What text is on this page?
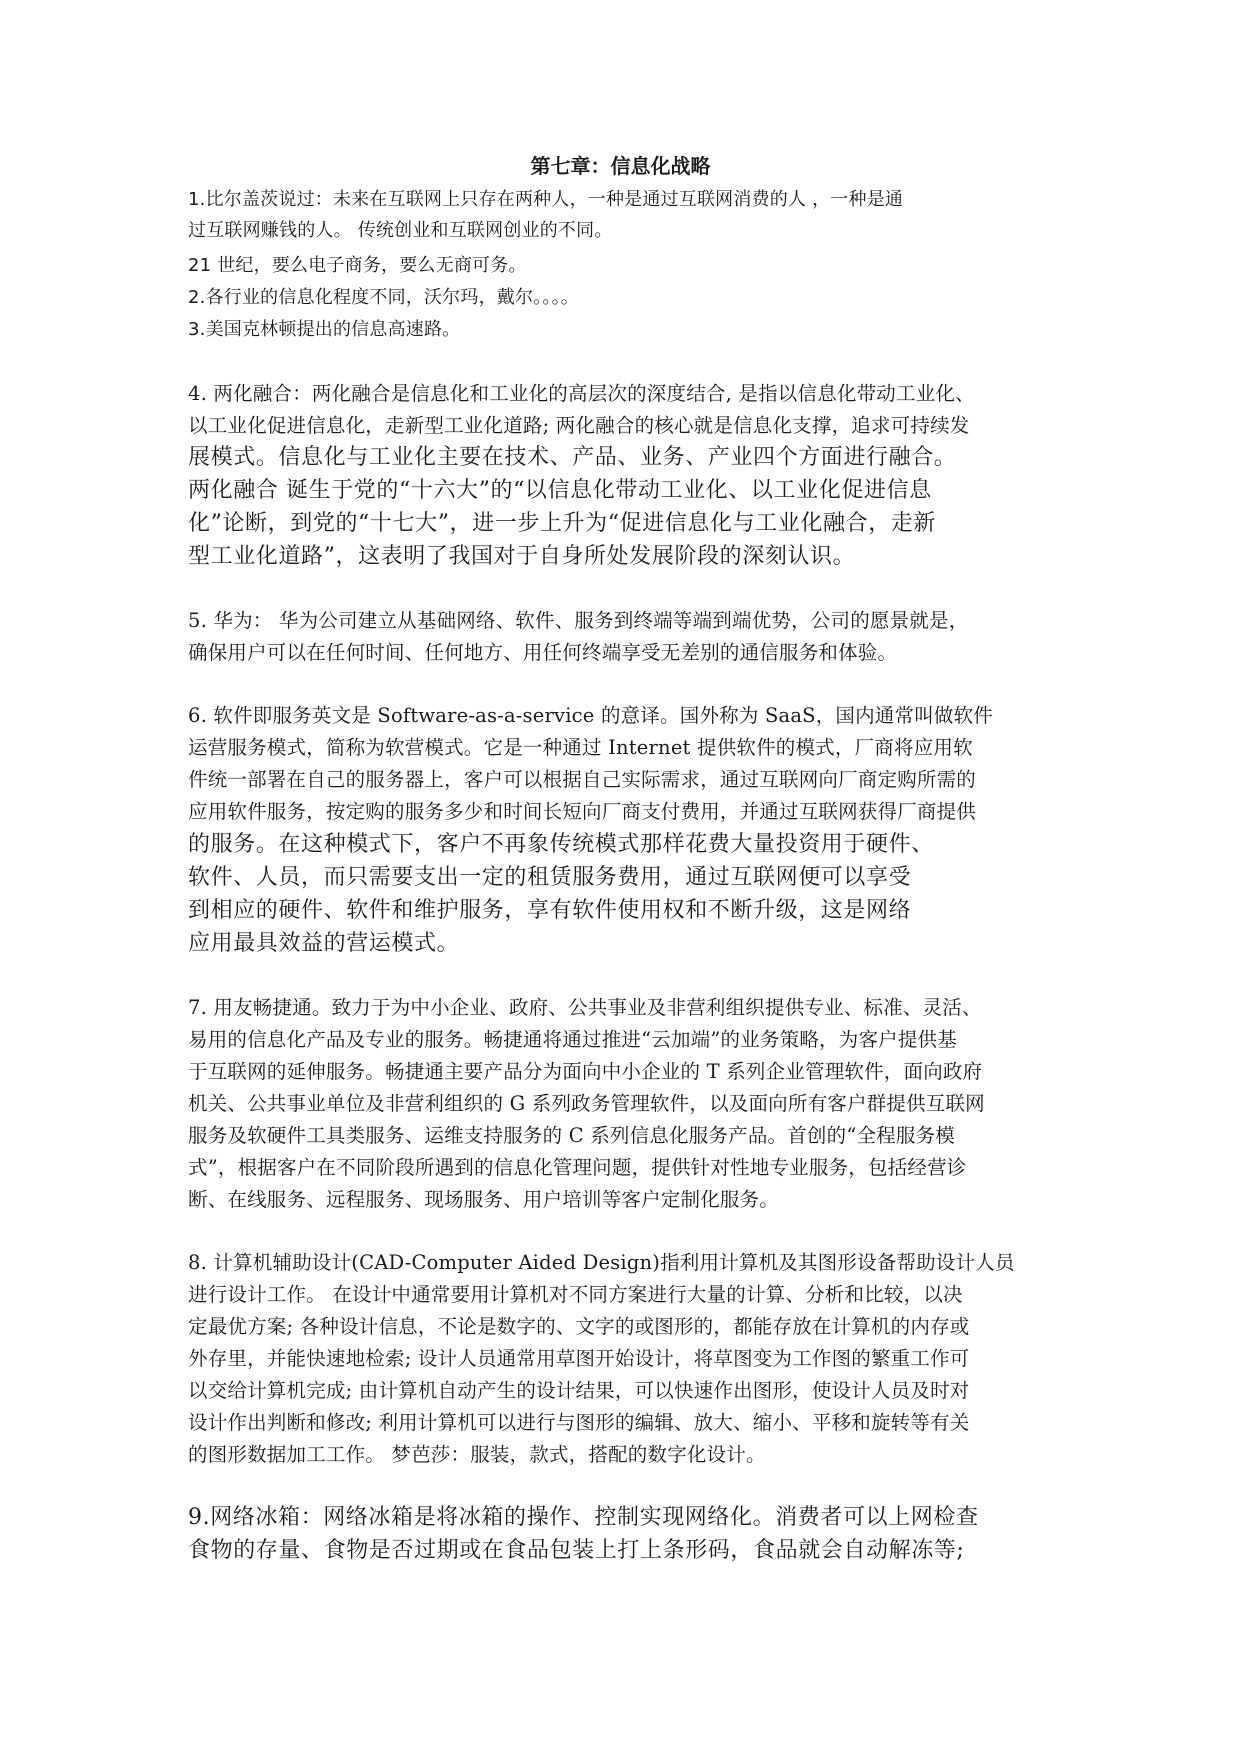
第七章：信息化战略
1.比尔盖茨说过：未来在互联网上只存在两种人，一种是通过互联网消费的人 ，一种是通
过互联网赚钱的人。 传统创业和互联网创业的不同。
21 世纪，要么电子商务，要么无商可务。
2.各行业的信息化程度不同，沃尔玛，戴尔。。。。
3.美国克林顿提出的信息高速路。
4. 两化融合：两化融合是信息化和工业化的高层次的深度结合, 是指以信息化带动工业化、
以工业化促进信息化，走新型工业化道路; 两化融合的核心就是信息化支撑，追求可持续发
展模式。信息化与工业化主要在技术、产品、业务、产业四个方面进行融合。
两化融合 诞生于党的“十六大”的“以信息化带动工业化、以工业化促进信息
化”论断，到党的“十七大”，进一步上升为“促进信息化与工业化融合，走新
型工业化道路”，这表明了我国对于自身所处发展阶段的深刻认识。
5. 华为： 华为公司建立从基础网络、软件、服务到终端等端到端优势，公司的愿景就是，
确保用户可以在任何时间、任何地方、用任何终端享受无差别的通信服务和体验。
6. 软件即服务英文是 Software-as-a-service 的意译。国外称为 SaaS，国内通常叫做软件
运营服务模式，简称为软营模式。它是一种通过 Internet 提供软件的模式，厂商将应用软
件统一部署在自己的服务器上，客户可以根据自己实际需求，通过互联网向厂商定购所需的
应用软件服务，按定购的服务多少和时间长短向厂商支付费用，并通过互联网获得厂商提供
的服务。在这种模式下，客户不再象传统模式那样花费大量投资用于硬件、
软件、人员，而只需要支出一定的租赁服务费用，通过互联网便可以享受
到相应的硬件、软件和维护服务，享有软件使用权和不断升级，这是网络
应用最具效益的营运模式。
7. 用友畅捷通。致力于为中小企业、政府、公共事业及非营利组织提供专业、标准、灵活、
易用的信息化产品及专业的服务。畅捷通将通过推进“云加端”的业务策略，为客户提供基
于互联网的延伸服务。畅捷通主要产品分为面向中小企业的 T 系列企业管理软件，面向政府
机关、公共事业单位及非营利组织的 G 系列政务管理软件，以及面向所有客户群提供互联网
服务及软硬件工具类服务、运维支持服务的 C 系列信息化服务产品。首创的“全程服务模
式”，根据客户在不同阶段所遇到的信息化管理问题，提供针对性地专业服务，包括经营诊
断、在线服务、远程服务、现场服务、用户培训等客户定制化服务。
8. 计算机辅助设计(CAD-Computer Aided Design)指利用计算机及其图形设备帮助设计人员
进行设计工作。 在设计中通常要用计算机对不同方案进行大量的计算、分析和比较，以决
定最优方案; 各种设计信息，不论是数字的、文字的或图形的，都能存放在计算机的内存或
外存里，并能快速地检索; 设计人员通常用草图开始设计，将草图变为工作图的繁重工作可
以交给计算机完成; 由计算机自动产生的设计结果，可以快速作出图形，使设计人员及时对
设计作出判断和修改; 利用计算机可以进行与图形的编辑、放大、缩小、平移和旋转等有关
的图形数据加工工作。 梦芭莎：服装，款式，搭配的数字化设计。
9.网络冰箱：网络冰箱是将冰箱的操作、控制实现网络化。消费者可以上网检查
食物的存量、食物是否过期或在食品包装上打上条形码，食品就会自动解冻等;
